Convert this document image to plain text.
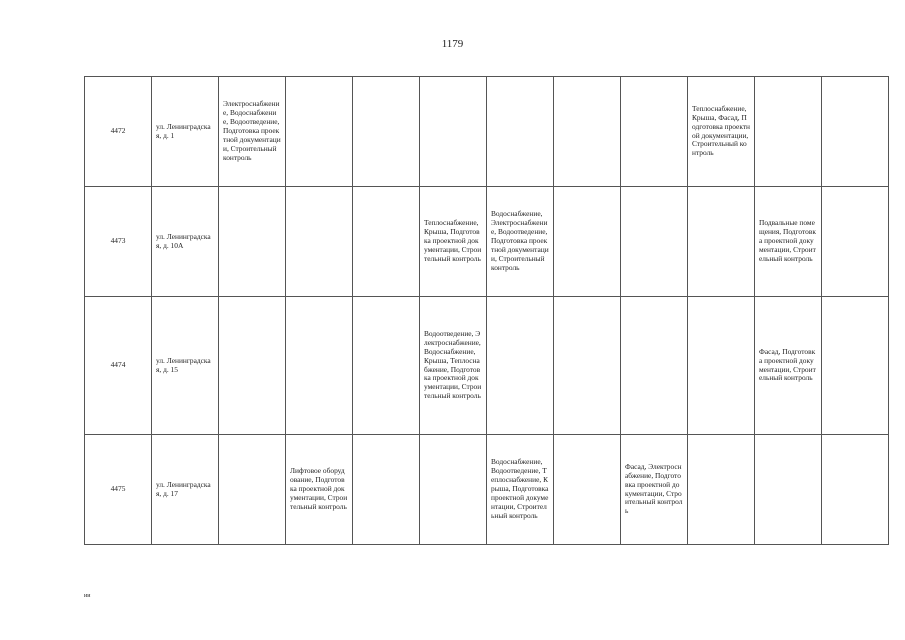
1179
4472	ул. Ленинградская, д. 1	Электроснабжение, Водоснабжение, Водоотведение, Подготовка проектной документации, Строительный контроль							Теплоснабжение, Крыша, Фасад, Подготовка проектной документации, Строительный контроль		
4473	ул. Ленинградская, д. 10А				Теплоснабжение, Крыша, Подготовка проектной документации, Строительный контроль	Водоснабжение, Электроснабжение, Водоотведение, Подготовка проектной документации, Строительный контроль				Подвальные помещения, Подготовка проектной документации, Строительный контроль	
4474	ул. Ленинградская, д. 15				Водоотведение, Электроснабжение, Водоснабжение, Крыша, Теплоснабжение, Подготовка проектной документации, Строительный контроль					Фасад, Подготовка проектной документации, Строительный контроль	
4475	ул. Ленинградская, д. 17		Лифтовое оборудование, Подготовка проектной документации, Строительный контроль			Водоснабжение, Водоотведение, Теплоснабжение, Крыша, Подготовка проектной документации, Строительный контроль		Фасад, Электроснабжение, Подготовка проектной документации, Строительный контроль			
ии
